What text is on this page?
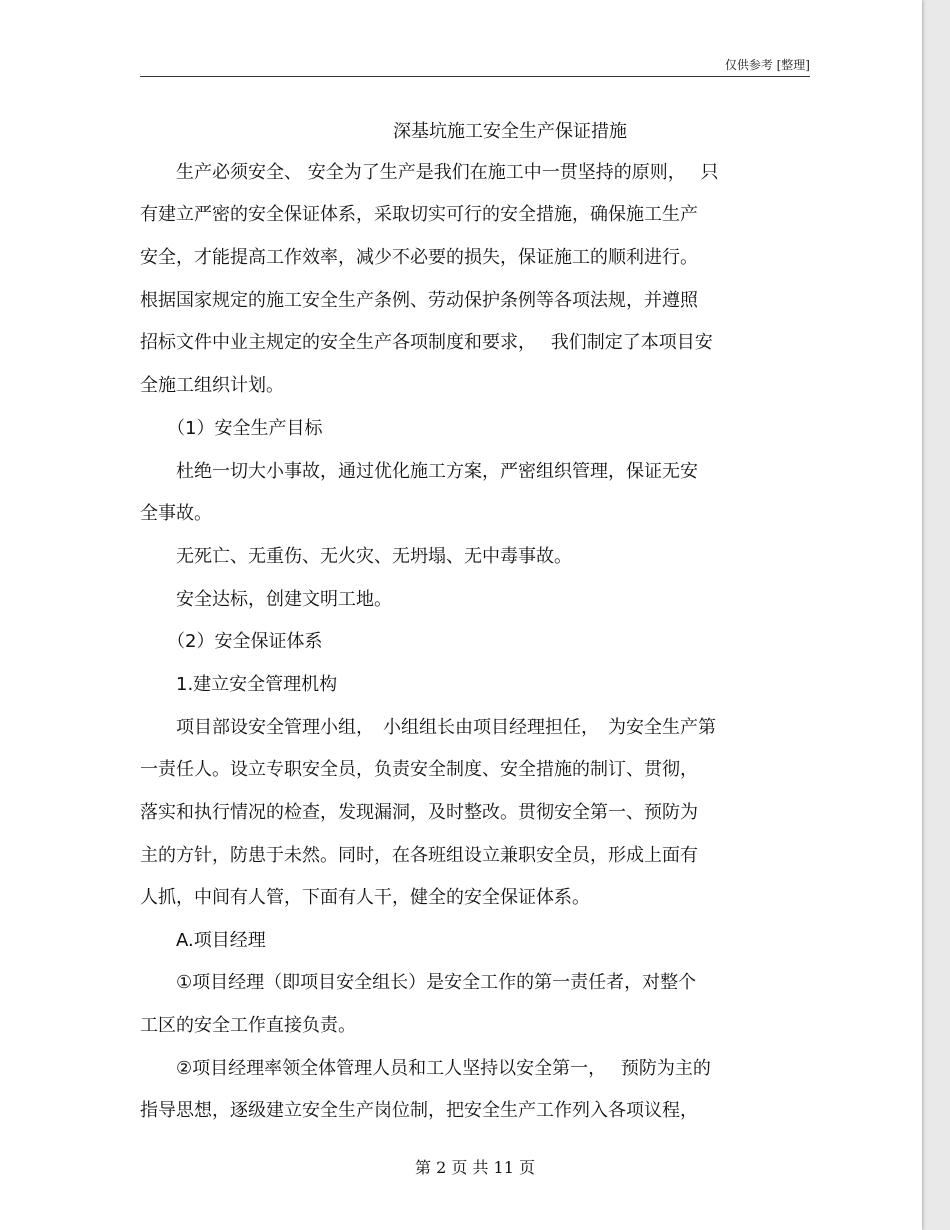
仅供参考 [整理]
深基坑施工安全生产保证措施
　　生产必须安全、 安全为了生产是我们在施工中一贯坚持的原则，　 只
有建立严密的安全保证体系，采取切实可行的安全措施，确保施工生产
安全，才能提高工作效率，减少不必要的损失，保证施工的顺利进行。
根据国家规定的施工安全生产条例、劳动保护条例等各项法规，并遵照
招标文件中业主规定的安全生产各项制度和要求，　 我们制定了本项目安
全施工组织计划。
　　（1）安全生产目标
　　杜绝一切大小事故，通过优化施工方案，严密组织管理，保证无安
全事故。
　　无死亡、无重伤、无火灾、无坍塌、无中毒事故。
　　安全达标，创建文明工地。
　　（2）安全保证体系
　　1.建立安全管理机构
　　项目部设安全管理小组，　小组组长由项目经理担任，　为安全生产第
一责任人。设立专职安全员，负责安全制度、安全措施的制订、贯彻，
落实和执行情况的检查，发现漏洞，及时整改。贯彻安全第一、预防为
主的方针，防患于未然。同时，在各班组设立兼职安全员，形成上面有
人抓，中间有人管，下面有人干，健全的安全保证体系。
　　A.项目经理
　　①项目经理（即项目安全组长）是安全工作的第一责任者，对整个
工区的安全工作直接负责。
　　②项目经理率领全体管理人员和工人坚持以安全第一，　 预防为主的
指导思想，逐级建立安全生产岗位制，把安全生产工作列入各项议程，
第 2 页 共 11 页
